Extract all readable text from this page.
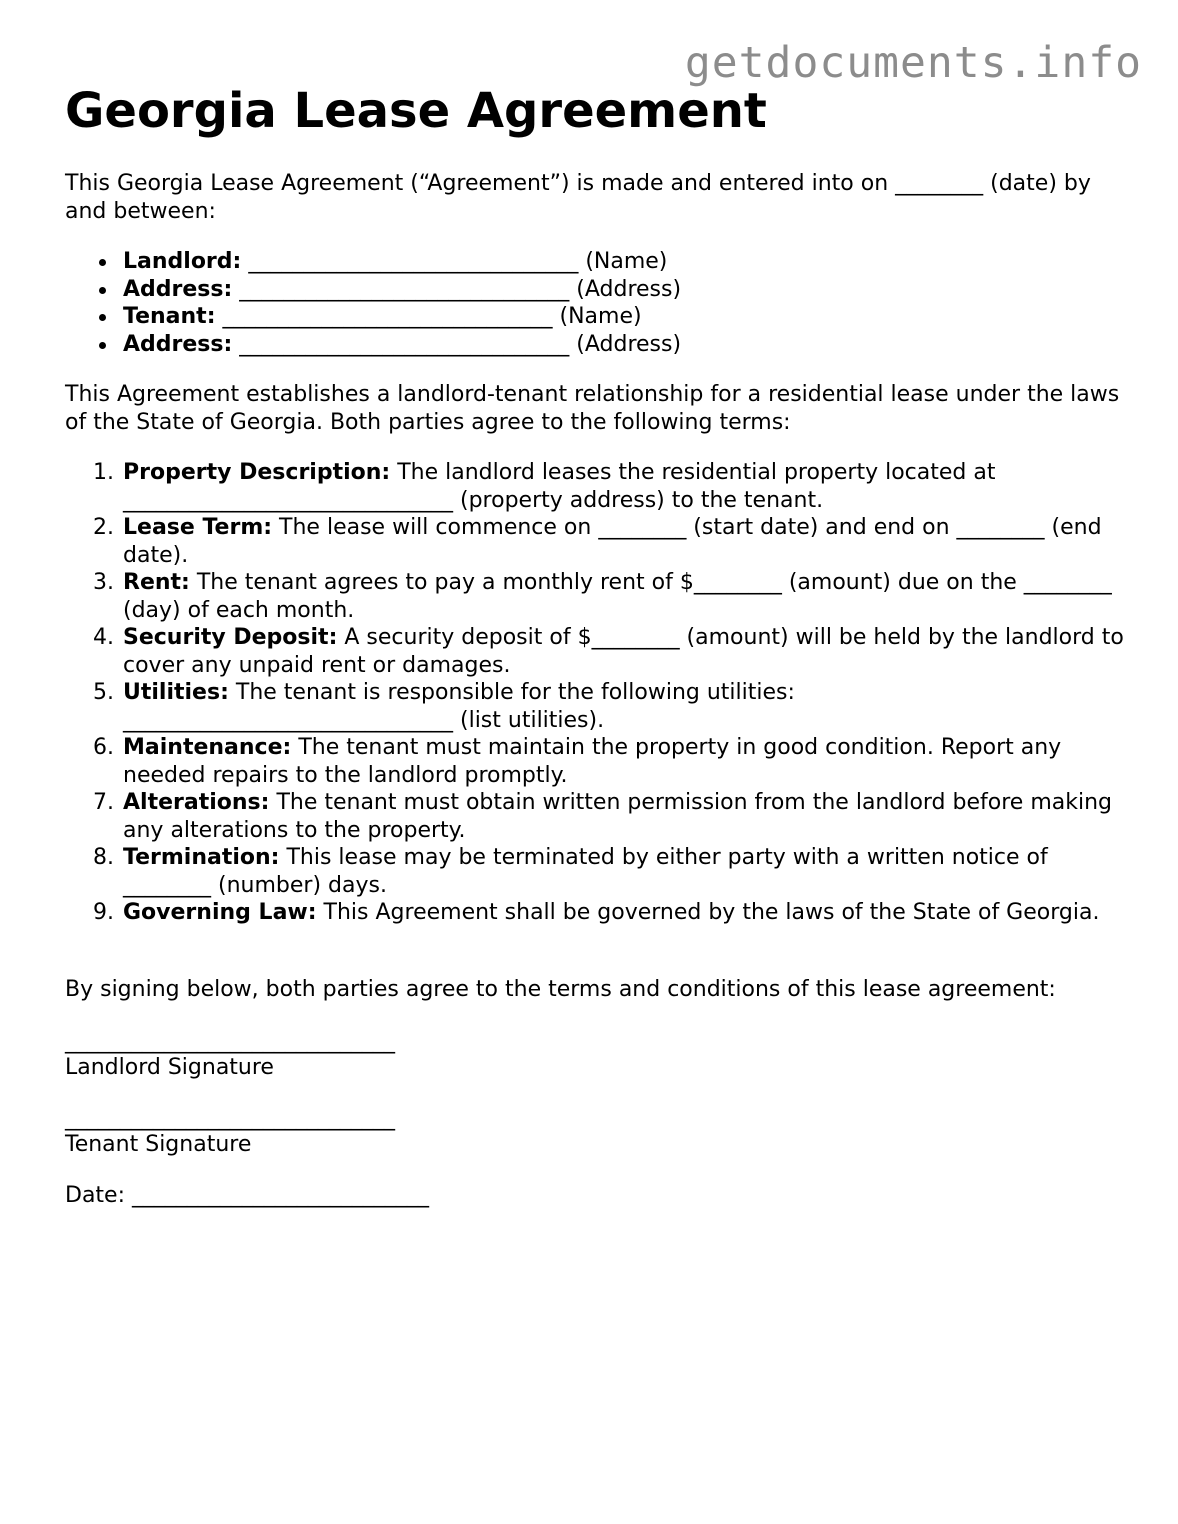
getdocuments.info
Georgia Lease Agreement

This Georgia Lease Agreement (“Agreement”) is made and entered into on ________ (date) by and between:

Landlord: ______________________________ (Name)
Address: ______________________________ (Address)
Tenant: ______________________________ (Name)
Address: ______________________________ (Address)

This Agreement establishes a landlord-tenant relationship for a residential lease under the laws of the State of Georgia. Both parties agree to the following terms:

1. Property Description: The landlord leases the residential property located at ______________________________ (property address) to the tenant.
2. Lease Term: The lease will commence on ________ (start date) and end on ________ (end date).
3. Rent: The tenant agrees to pay a monthly rent of $________ (amount) due on the ________ (day) of each month.
4. Security Deposit: A security deposit of $________ (amount) will be held by the landlord to cover any unpaid rent or damages.
5. Utilities: The tenant is responsible for the following utilities: ______________________________ (list utilities).
6. Maintenance: The tenant must maintain the property in good condition. Report any needed repairs to the landlord promptly.
7. Alterations: The tenant must obtain written permission from the landlord before making any alterations to the property.
8. Termination: This lease may be terminated by either party with a written notice of ________ (number) days.
9. Governing Law: This Agreement shall be governed by the laws of the State of Georgia.

By signing below, both parties agree to the terms and conditions of this lease agreement:

______________________________
Landlord Signature
______________________________
Tenant Signature
Date: ___________________________
